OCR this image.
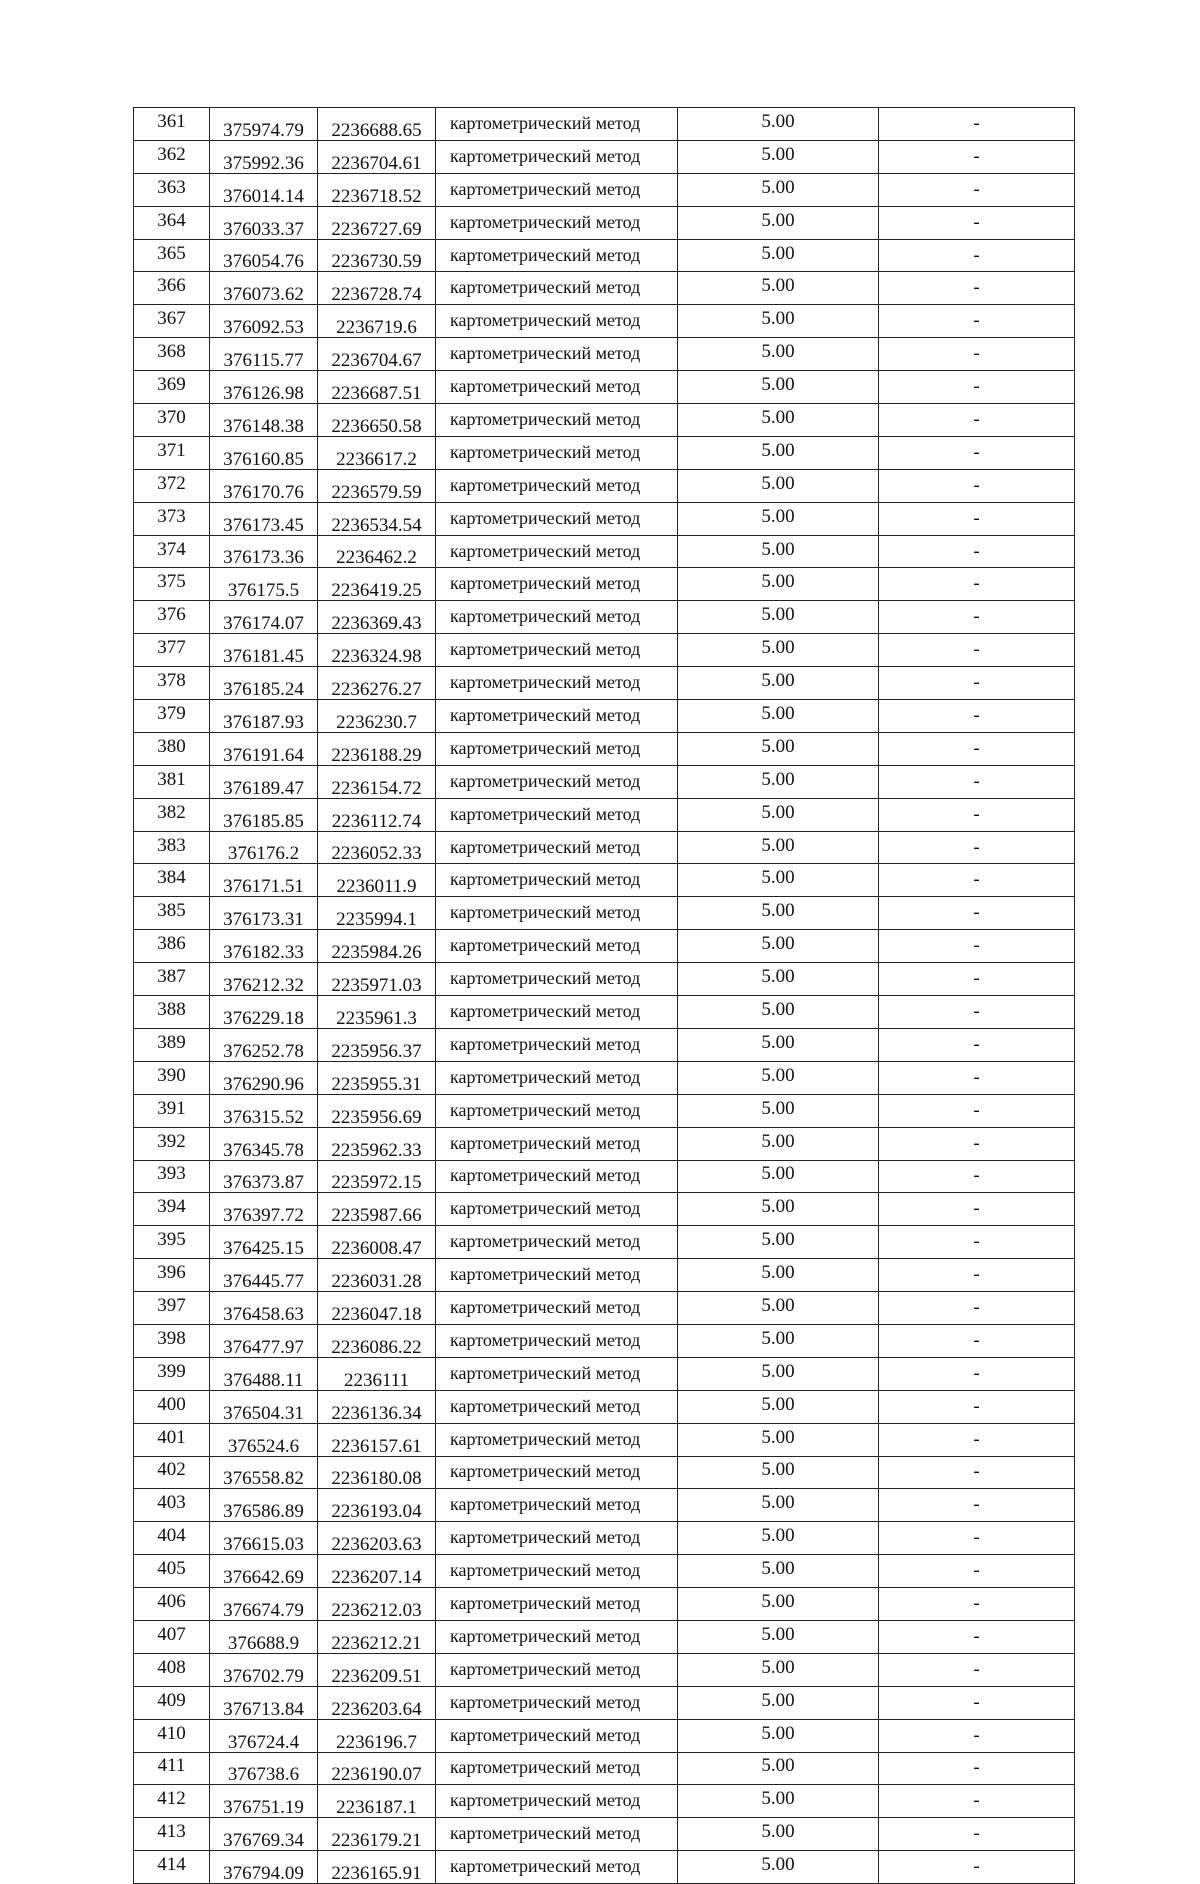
361	375974.79	2236688.65	картометрический метод	5.00	-
362	375992.36	2236704.61	картометрический метод	5.00	-
363	376014.14	2236718.52	картометрический метод	5.00	-
364	376033.37	2236727.69	картометрический метод	5.00	-
365	376054.76	2236730.59	картометрический метод	5.00	-
366	376073.62	2236728.74	картометрический метод	5.00	-
367	376092.53	2236719.6	картометрический метод	5.00	-
368	376115.77	2236704.67	картометрический метод	5.00	-
369	376126.98	2236687.51	картометрический метод	5.00	-
370	376148.38	2236650.58	картометрический метод	5.00	-
371	376160.85	2236617.2	картометрический метод	5.00	-
372	376170.76	2236579.59	картометрический метод	5.00	-
373	376173.45	2236534.54	картометрический метод	5.00	-
374	376173.36	2236462.2	картометрический метод	5.00	-
375	376175.5	2236419.25	картометрический метод	5.00	-
376	376174.07	2236369.43	картометрический метод	5.00	-
377	376181.45	2236324.98	картометрический метод	5.00	-
378	376185.24	2236276.27	картометрический метод	5.00	-
379	376187.93	2236230.7	картометрический метод	5.00	-
380	376191.64	2236188.29	картометрический метод	5.00	-
381	376189.47	2236154.72	картометрический метод	5.00	-
382	376185.85	2236112.74	картометрический метод	5.00	-
383	376176.2	2236052.33	картометрический метод	5.00	-
384	376171.51	2236011.9	картометрический метод	5.00	-
385	376173.31	2235994.1	картометрический метод	5.00	-
386	376182.33	2235984.26	картометрический метод	5.00	-
387	376212.32	2235971.03	картометрический метод	5.00	-
388	376229.18	2235961.3	картометрический метод	5.00	-
389	376252.78	2235956.37	картометрический метод	5.00	-
390	376290.96	2235955.31	картометрический метод	5.00	-
391	376315.52	2235956.69	картометрический метод	5.00	-
392	376345.78	2235962.33	картометрический метод	5.00	-
393	376373.87	2235972.15	картометрический метод	5.00	-
394	376397.72	2235987.66	картометрический метод	5.00	-
395	376425.15	2236008.47	картометрический метод	5.00	-
396	376445.77	2236031.28	картометрический метод	5.00	-
397	376458.63	2236047.18	картометрический метод	5.00	-
398	376477.97	2236086.22	картометрический метод	5.00	-
399	376488.11	2236111	картометрический метод	5.00	-
400	376504.31	2236136.34	картометрический метод	5.00	-
401	376524.6	2236157.61	картометрический метод	5.00	-
402	376558.82	2236180.08	картометрический метод	5.00	-
403	376586.89	2236193.04	картометрический метод	5.00	-
404	376615.03	2236203.63	картометрический метод	5.00	-
405	376642.69	2236207.14	картометрический метод	5.00	-
406	376674.79	2236212.03	картометрический метод	5.00	-
407	376688.9	2236212.21	картометрический метод	5.00	-
408	376702.79	2236209.51	картометрический метод	5.00	-
409	376713.84	2236203.64	картометрический метод	5.00	-
410	376724.4	2236196.7	картометрический метод	5.00	-
411	376738.6	2236190.07	картометрический метод	5.00	-
412	376751.19	2236187.1	картометрический метод	5.00	-
413	376769.34	2236179.21	картометрический метод	5.00	-
414	376794.09	2236165.91	картометрический метод	5.00	-
